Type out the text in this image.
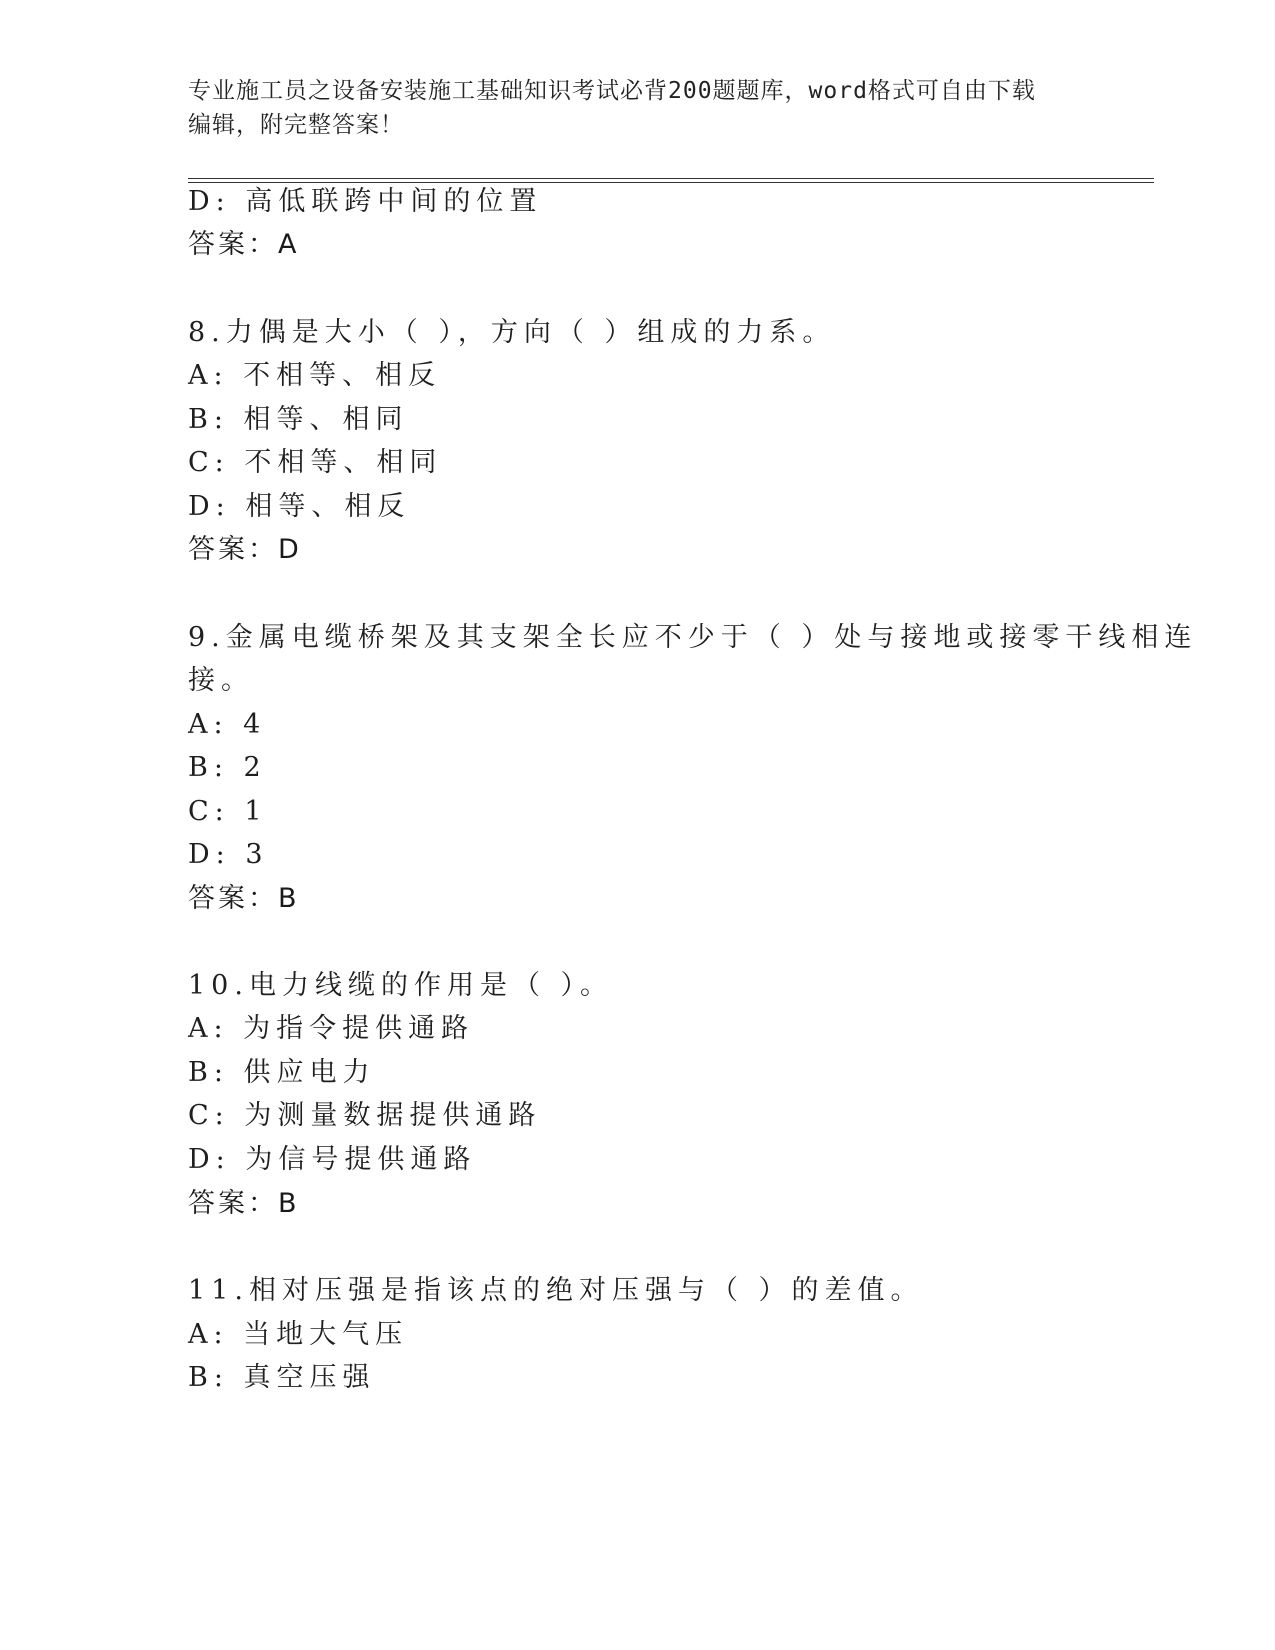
专业施工员之设备安装施工基础知识考试必背200题题库，word格式可自由下载
编辑，附完整答案！
D: 高低联跨中间的位置
答案：A
8.力偶是大小（ ），方向（ ）组成的力系。
A: 不相等、相反
B: 相等、相同
C: 不相等、相同
D: 相等、相反
答案：D
9.金属电缆桥架及其支架全长应不少于（ ）处与接地或接零干线相连
接。
A: 4
B: 2
C: 1
D: 3
答案：B
10.电力线缆的作用是（ ）。
A: 为指令提供通路
B: 供应电力
C: 为测量数据提供通路
D: 为信号提供通路
答案：B
11.相对压强是指该点的绝对压强与（ ）的差值。
A: 当地大气压
B: 真空压强
